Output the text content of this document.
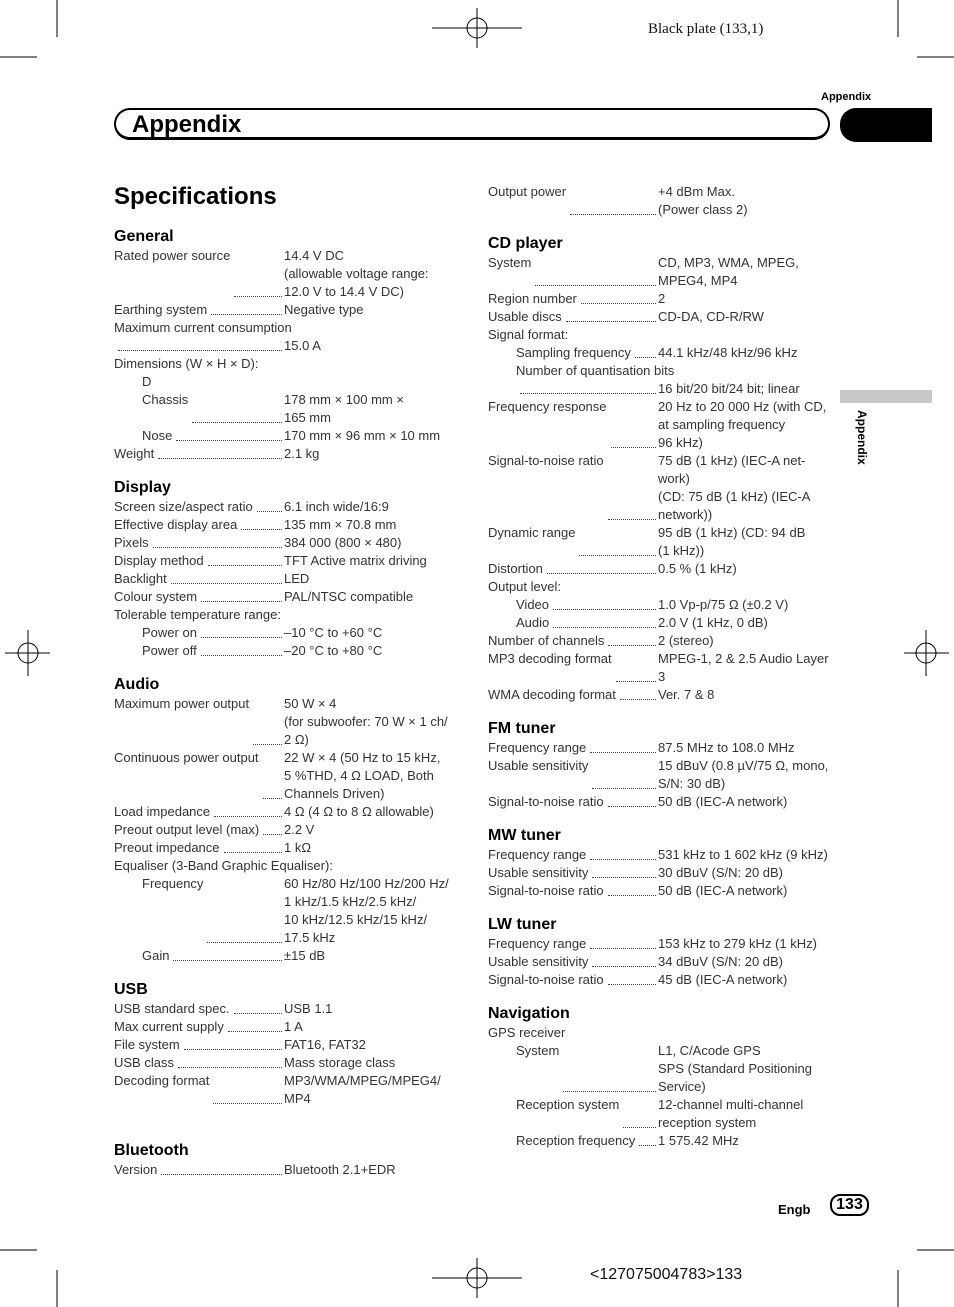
Black plate (133,1)
Appendix
Appendix
Appendix
Specifications
General
Rated power source	14.4 V DC
(allowable voltage range:
12.0 V to 14.4 V DC)
Earthing system	Negative type
Maximum current consumption
15.0 A
Dimensions (W × H × D):
D
Chassis	178 mm × 100 mm ×
165 mm
Nose	170 mm × 96 mm × 10 mm
Weight	2.1 kg
Display
Screen size/aspect ratio 6.1 inch wide/16:9
Effective display area	135 mm × 70.8 mm
Pixels	384 000 (800 × 480)
Display method	TFT Active matrix driving
Backlight	LED
Colour system	PAL/NTSC compatible
Tolerable temperature range:
Power on	–10 °C to +60 °C
Power off	–20 °C to +80 °C
Audio
Maximum power output	50 W × 4
(for subwoofer: 70 W × 1 ch/
2 Ω)
Continuous power output 22 W × 4 (50 Hz to 15 kHz,
5 %THD, 4 Ω LOAD, Both
Channels Driven)
Load impedance	4 Ω (4 Ω to 8 Ω allowable)
Preout output level (max) 2.2 V
Preout impedance	1 kΩ
Equaliser (3-Band Graphic Equaliser):
Frequency	60 Hz/80 Hz/100 Hz/200 Hz/
1 kHz/1.5 kHz/2.5 kHz/
10 kHz/12.5 kHz/15 kHz/
17.5 kHz
Gain	±15 dB
USB
USB standard spec.	USB 1.1
Max current supply	1 A
File system	FAT16, FAT32
USB class	Mass storage class
Decoding format	MP3/WMA/MPEG/MPEG4/
MP4
Bluetooth
Version	Bluetooth 2.1+EDR
Output power	+4 dBm Max.
(Power class 2)
CD player
System	CD, MP3, WMA, MPEG,
MPEG4, MP4
Region number	2
Usable discs	CD-DA, CD-R/RW
Signal format:
Sampling frequency 44.1 kHz/48 kHz/96 kHz
Number of quantisation bits
16 bit/20 bit/24 bit; linear
Frequency response	20 Hz to 20 000 Hz (with CD,
at sampling frequency
96 kHz)
Signal-to-noise ratio	75 dB (1 kHz) (IEC-A net-
work)
(CD: 75 dB (1 kHz) (IEC-A
network))
Dynamic range	95 dB (1 kHz) (CD: 94 dB
(1 kHz))
Distortion	0.5 % (1 kHz)
Output level:
Video	1.0 Vp-p/75 Ω (±0.2 V)
Audio	2.0 V (1 kHz, 0 dB)
Number of channels	2 (stereo)
MP3 decoding format	MPEG-1, 2 & 2.5 Audio Layer
3
WMA decoding format	Ver. 7 & 8
FM tuner
Frequency range	87.5 MHz to 108.0 MHz
Usable sensitivity	15 dBuV (0.8 µV/75 Ω, mono,
S/N: 30 dB)
Signal-to-noise ratio	50 dB (IEC-A network)
MW tuner
Frequency range	531 kHz to 1 602 kHz (9 kHz)
Usable sensitivity	30 dBuV (S/N: 20 dB)
Signal-to-noise ratio	50 dB (IEC-A network)
LW tuner
Frequency range	153 kHz to 279 kHz (1 kHz)
Usable sensitivity	34 dBuV (S/N: 20 dB)
Signal-to-noise ratio	45 dB (IEC-A network)
Navigation
GPS receiver
System	L1, C/Acode GPS
SPS (Standard Positioning
Service)
Reception system	12-channel multi-channel
reception system
Reception frequency 1 575.42 MHz
Engb	133
<127075004783>133
